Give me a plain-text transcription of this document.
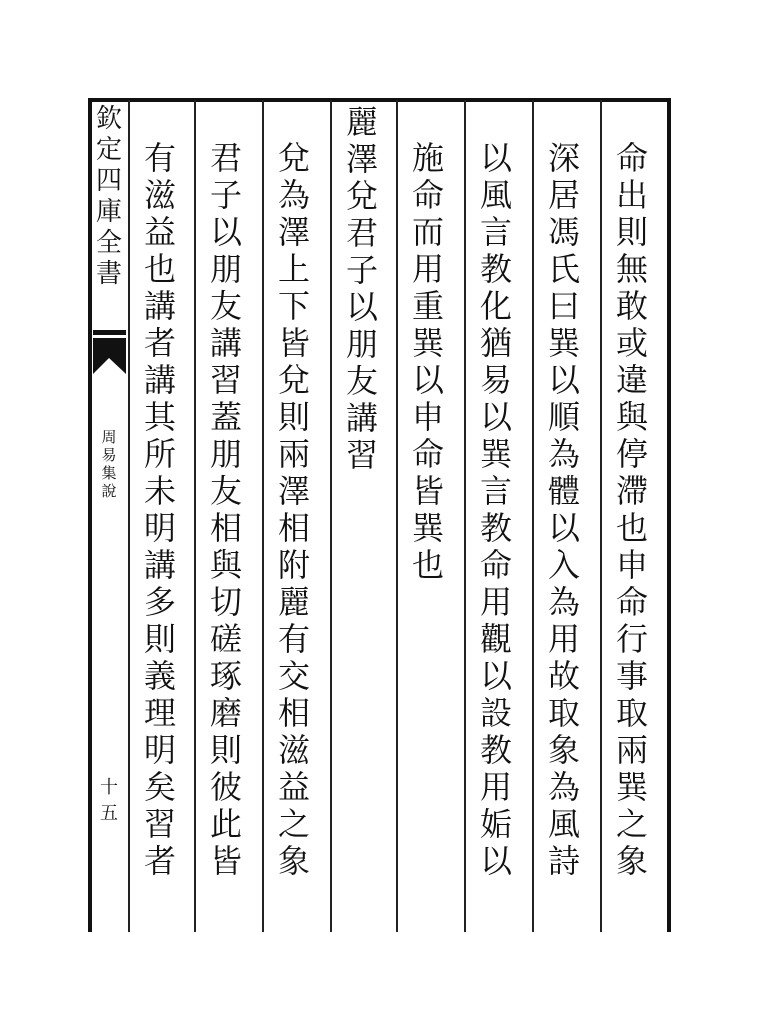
欽
定
四
庫
全
書
周
易
集
說
十五
命
出
則
無
敢
或
違
與
停
滯
也
申
命
行
事
取
兩
巽
之
象
深
居
馮
氏
曰
巽
以
順
為
體
以
入
為
用
故
取
象
為
風
詩
以
風
言
教
化
猶
易
以
巽
言
教
命
用
觀
以
設
教
用
姤
以
施
命
而
用
重
巽
以
申
命
皆
巽
也
麗
澤
兌
君
子
以
朋
友
講
習
兌
為
澤
上
下
皆
兌
則
兩
澤
相
附
麗
有
交
相
滋
益
之
象
君
子
以
朋
友
講
習
蓋
朋
友
相
與
切
磋
琢
磨
則
彼
此
皆
有
滋
益
也
講
者
講
其
所
未
明
講
多
則
義
理
明
矣
習
者
